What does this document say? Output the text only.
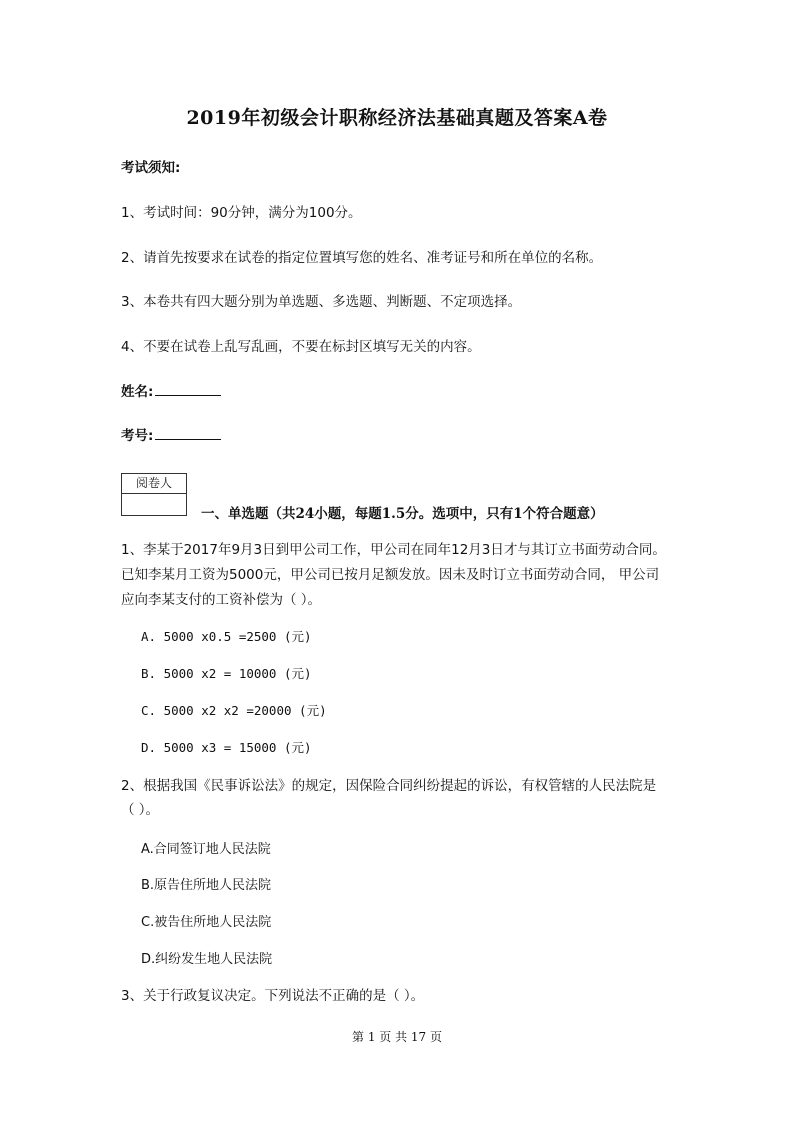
2019年初级会计职称经济法基础真题及答案A卷
考试须知:
1、考试时间：90分钟，满分为100分。
2、请首先按要求在试卷的指定位置填写您的姓名、准考证号和所在单位的名称。
3、本卷共有四大题分别为单选题、多选题、判断题、不定项选择。
4、不要在试卷上乱写乱画，不要在标封区填写无关的内容。
姓名:
考号:
阅卷人
一、单选题（共24小题，每题1.5分。选项中，只有1个符合题意）
1、李某于2017年9月3日到甲公司工作，甲公司在同年12月3日才与其订立书面劳动合同。
已知李某月工资为5000元，甲公司已按月足额发放。因未及时订立书面劳动合同， 甲公司
应向李某支付的工资补偿为（ ）。
A. 5000 x0.5 =2500 (元)
B. 5000 x2 = 10000 (元)
C. 5000 x2 x2 =20000 (元)
D. 5000 x3 = 15000 (元)
2、根据我国《民事诉讼法》的规定，因保险合同纠纷提起的诉讼，有权管辖的人民法院是
（ ）。
A.合同签订地人民法院
B.原告住所地人民法院
C.被告住所地人民法院
D.纠纷发生地人民法院
3、关于行政复议决定。下列说法不正确的是（ ）。
第 1 页 共 17 页
